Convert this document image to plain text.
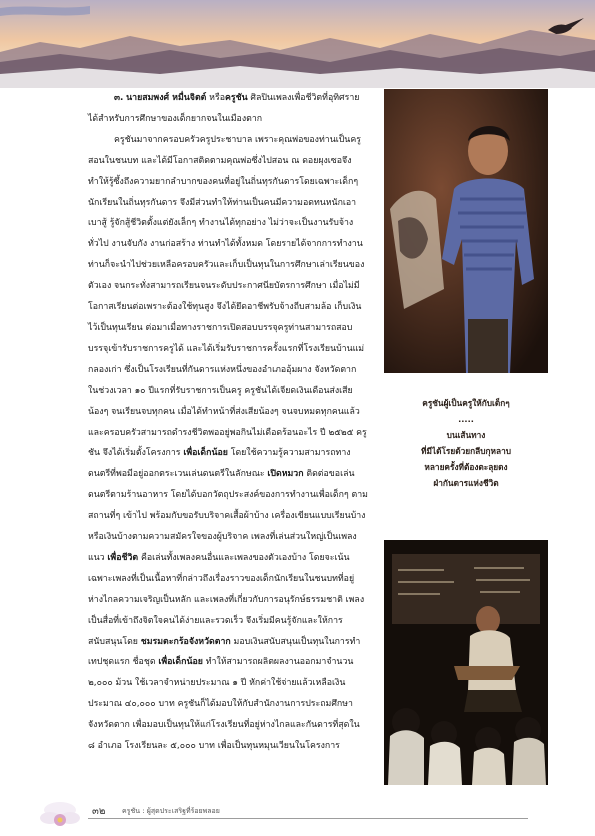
๓. นายสมพงศ์ หมื่นจิตต์ หรือครูชัน ศิลปินเพลงเพื่อชีวิตที่อุทิศรายได้สำหรับการศึกษาของเด็กยากจนในเมืองตาก

ครูชันมาจากครอบครัวครูประชาบาล เพราะคุณพ่อของท่านเป็นครูสอนในชนบท และได้มีโอกาสติดตามคุณพ่อซึ่งไปสอน ณ ดอยผุงเซอจึงทำให้รู้ซึ้งถึงความยากลำบากของคนที่อยู่ในถิ่นทุรกันดารโดยเฉพาะเด็กๆ นักเรียนในถิ่นทุรกันดาร จึงมีส่วนทำให้ท่านเป็นคนมีความอดทนหนักเอาเบาสู้ รู้จักสู้ชีวิตตั้งแต่ยังเล็กๆ ทำงานได้ทุกอย่าง ไม่ว่าจะเป็นงานรับจ้างทั่วไป งานจับกัง งานก่อสร้าง ท่านทำได้ทั้งหมด โดยรายได้จากการทำงาน ท่านก็จะนำไปช่วยเหลือครอบครัวและเก็บเป็นทุนในการศึกษาเล่าเรียนของตัวเอง จนกระทั่งสามารถเรียนจนระดับประกาศนียบัตรการศึกษา เมื่อไม่มีโอกาสเรียนต่อเพราะต้องใช้ทุนสูง จึงได้ยึดอาชีพรับจ้างถีบสามล้อ เก็บเงินไว้เป็นทุนเรียน ต่อมาเมื่อทางราชการเปิดสอบบรรจุครูท่านสามารถสอบบรรจุเข้ารับราชการครูได้ และได้เริ่มรับราชการครั้งแรกที่โรงเรียนบ้านแม่กลองเก่า ซึ่งเป็นโรงเรียนที่กันดารแห่งหนึ่งของอำเภออุ้มผาง จังหวัดตาก ในช่วงเวลา ๑๐ ปีแรกที่รับราชการเป็นครู ครูชันได้เจียดเงินเดือนส่งเสียน้องๆ จนเรียนจบทุกคน เมื่อได้ทำหน้าที่ส่งเสียน้องๆ จนจบหมดทุกคนแล้วและครอบครัวสามารถดำรงชีวิตพออยู่พอกินไม่เดือดร้อนอะไร ปี ๒๕๒๕ ครูชัน จึงได้เริ่มตั้งโครงการ เพื่อเด็กน้อย โดยใช้ความรู้ความสามารถทางดนตรีที่พอมีอยู่ออกตระเวนเล่นดนตรีในลักษณะ เปิดหมวก ติดต่อขอเล่นดนตรีตามร้านอาหาร โดยได้บอกวัตถุประสงค์ของการทำงานเพื่อเด็กๆ ตามสถานที่ๆ เข้าไป พร้อมกับขอรับบริจาคเสื้อผ้าบ้าง เครื่องเขียนแบบเรียนบ้าง หรือเงินบ้างตามความสมัครใจของผู้บริจาค เพลงที่เล่นส่วนใหญ่เป็นเพลงแนว เพื่อชีวิต คือเล่นทั้งเพลงคนอื่นและเพลงของตัวเองบ้าง โดยจะเน้นเฉพาะเพลงที่เป็นเนื้อหาที่กล่าวถึงเรื่องราวของเด็กนักเรียนในชนบทที่อยู่ห่างไกลความเจริญเป็นหลัก และเพลงที่เกี่ยวกับการอนุรักษ์ธรรมชาติ เพลงเป็นสื่อที่เข้าถึงจิตใจคนได้ง่ายและรวดเร็ว จึงเริ่มมีคนรู้จักและให้การสนับสนุนโดย ชมรมตะกร้อจังหวัดตาก มอบเงินสนับสนุนเป็นทุนในการทำเทปชุดแรก ชื่อชุด เพื่อเด็กน้อย ทำให้สามารถผลิตผลงานออกมาจำนวน ๒,๐๐๐ ม้วน ใช้เวลาจำหน่ายประมาณ ๑ ปี หักค่าใช้จ่ายแล้วเหลือเงินประมาณ ๔๐,๐๐๐ บาท ครูชันก็ได้มอบให้กับสำนักงานการประถมศึกษาจังหวัดตาก เพื่อมอบเป็นทุนให้แก่โรงเรียนที่อยู่ห่างไกลและกันดารที่สุดใน ๘ อำเภอ โรงเรียนละ ๕,๐๐๐ บาท เพื่อเป็นทุนหมุนเวียนในโครงการ

ครูชันผู้เป็นครูให้กับเด็กๆ
.....
บนเส้นทาง
ที่มีได้โรยด้วยกลีบกุหลาบ
หลายครั้งที่ต้องตะลุยดง
ฝ่ากันดารแห่งชีวิต
๓๒ ครูชัน : ผู้สุดประเสริฐที่ร้อยพลอย
